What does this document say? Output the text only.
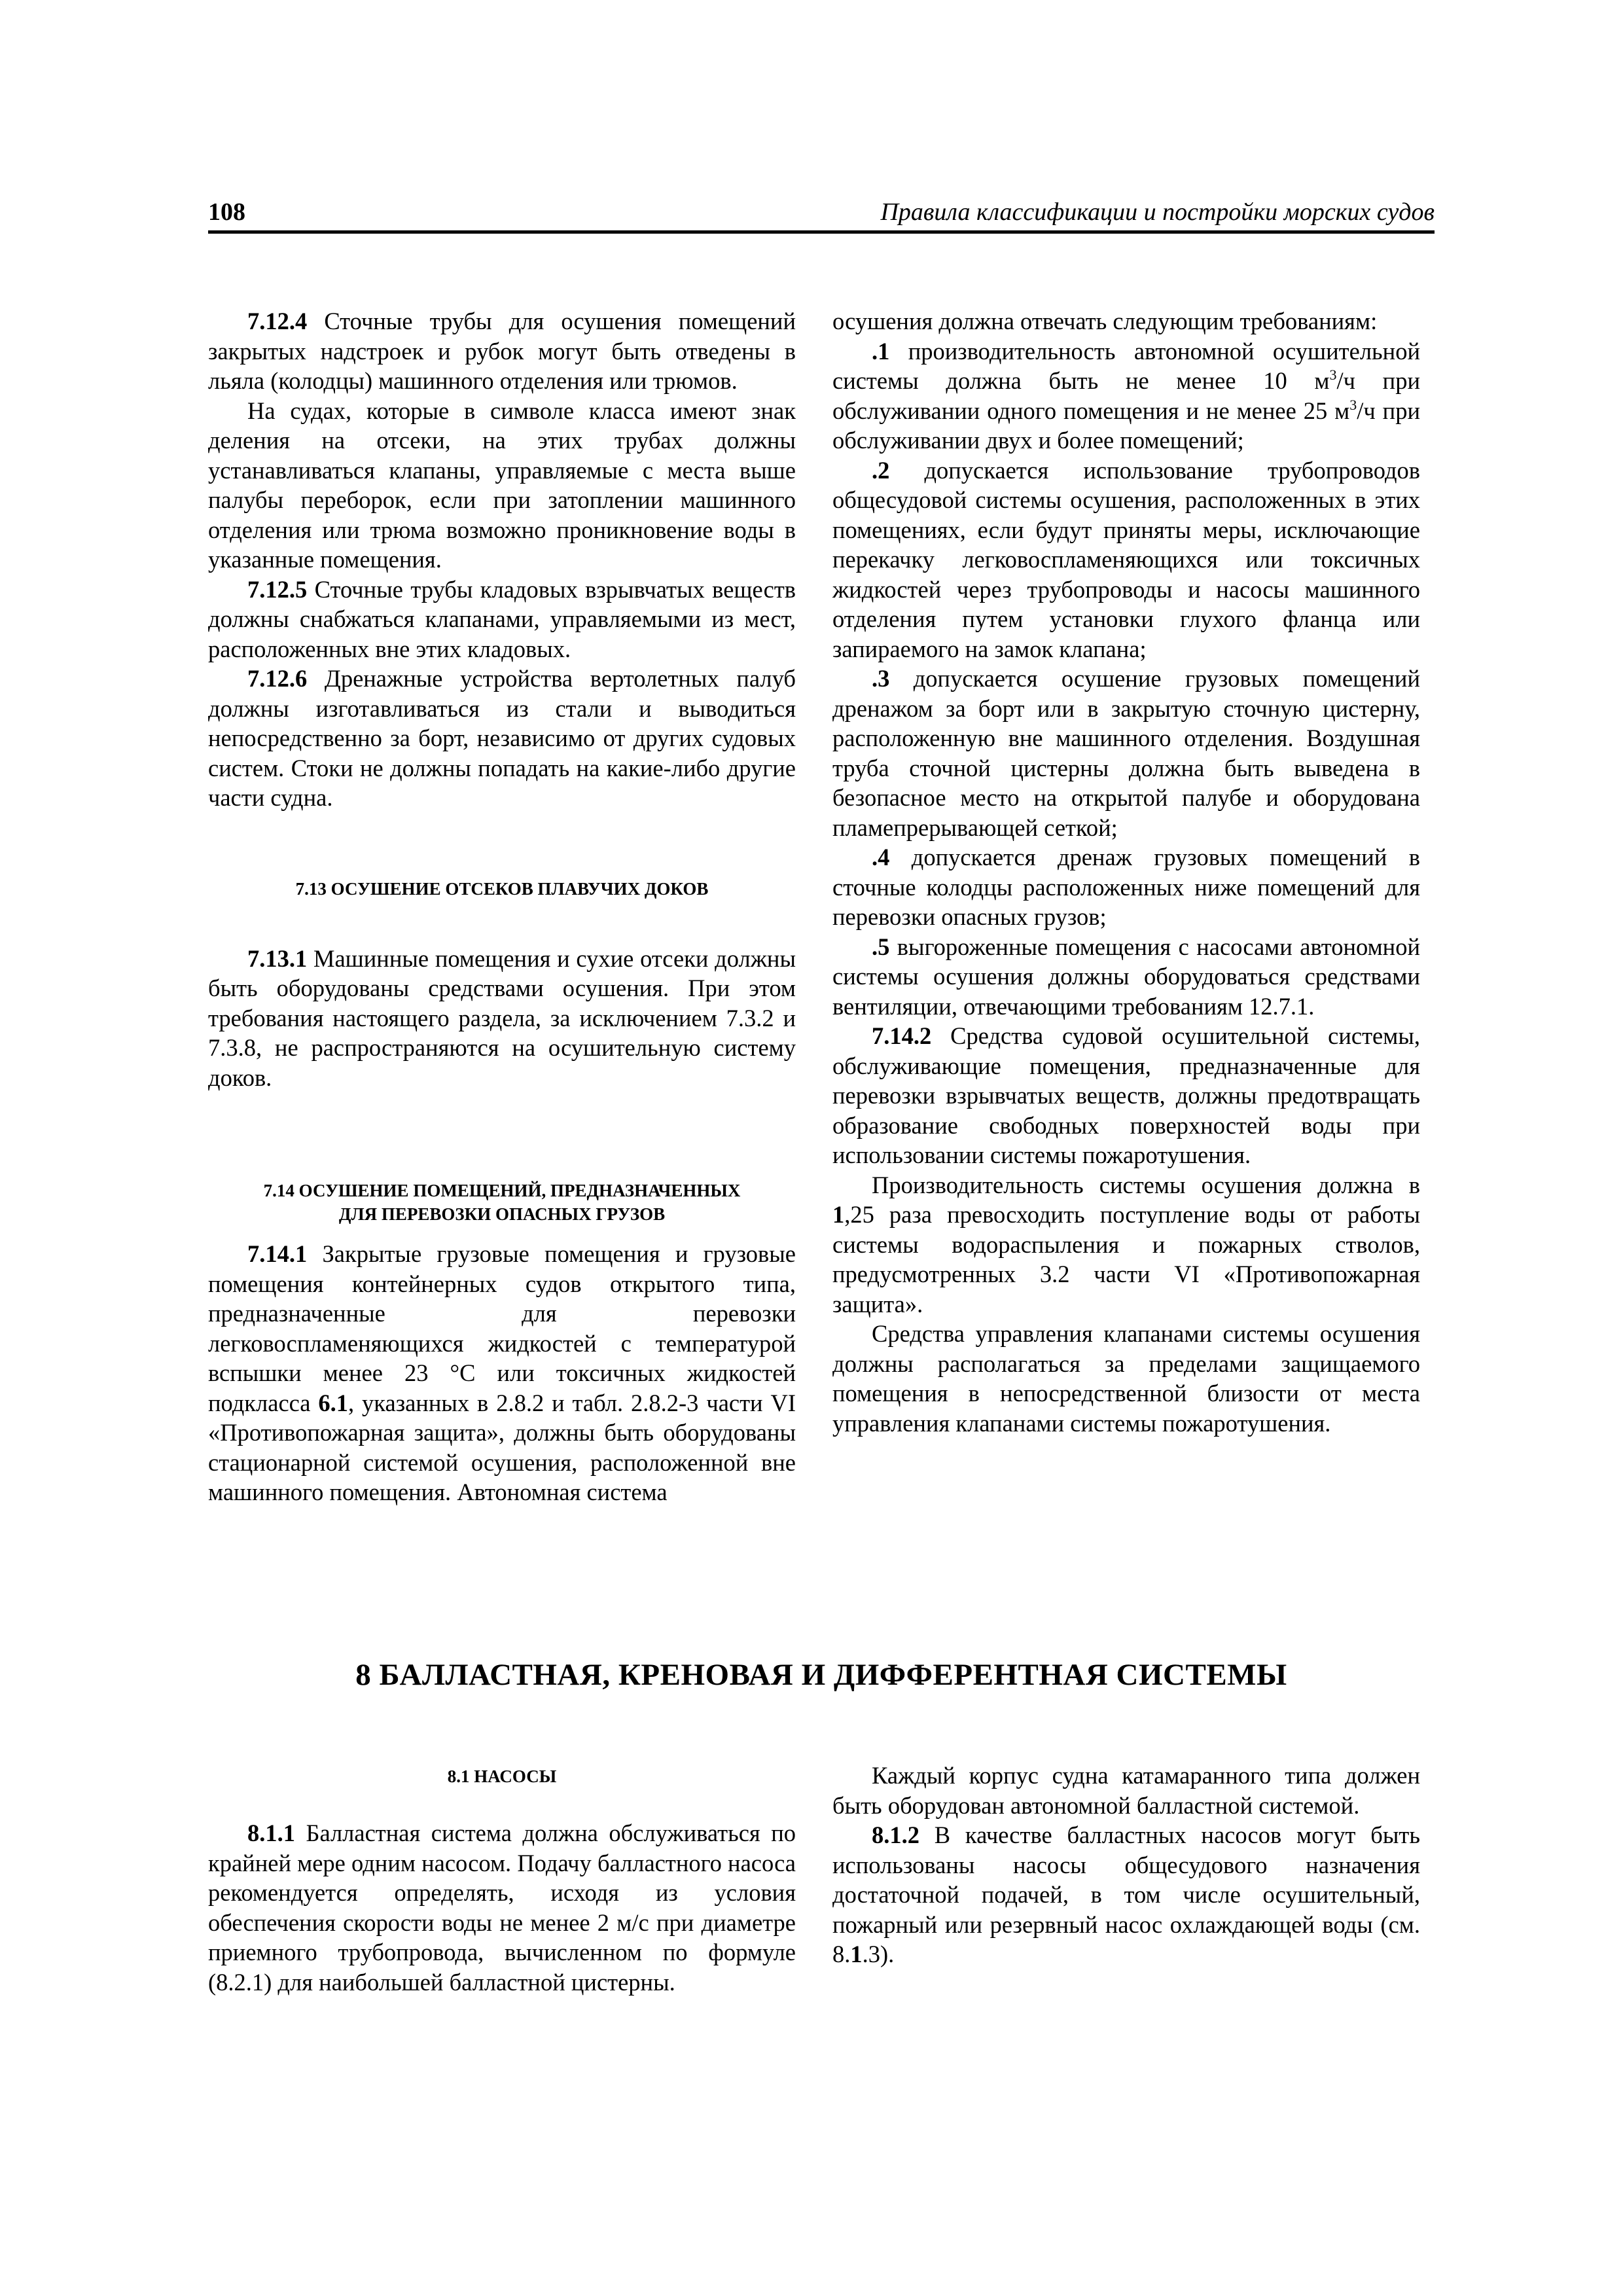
108	Правила классификации и постройки морских судов

7.12.4 Сточные трубы для осушения помещений закрытых надстроек и рубок могут быть отведены в льяла (колодцы) машинного отделения или трюмов.

На судах, которые в символе класса имеют знак деления на отсеки, на этих трубах должны устанавливаться клапаны, управляемые с места выше палубы переборок, если при затоплении машинного отделения или трюма возможно проникновение воды в указанные помещения.

7.12.5 Сточные трубы кладовых взрывчатых веществ должны снабжаться клапанами, управляемыми из мест, расположенных вне этих кладовых.

7.12.6 Дренажные устройства вертолетных палуб должны изготавливаться из стали и выводиться непосредственно за борт, независимо от других судовых систем. Стоки не должны попадать на какие-либо другие части судна.

7.13 ОСУШЕНИЕ ОТСЕКОВ ПЛАВУЧИХ ДОКОВ

7.13.1 Машинные помещения и сухие отсеки должны быть оборудованы средствами осушения. При этом требования настоящего раздела, за исключением 7.3.2 и 7.3.8, не распространяются на осушительную систему доков.

7.14 ОСУШЕНИЕ ПОМЕЩЕНИЙ, ПРЕДНАЗНАЧЕННЫХ

ДЛЯ ПЕРЕВОЗКИ ОПАСНЫХ ГРУЗОВ

7.14.1 Закрытые грузовые помещения и грузовые помещения контейнерных судов открытого типа, предназначенные для перевозки легковоспламеняющихся жидкостей с температурой вспышки менее 23 °С или токсичных жидкостей подкласса 6.1, указанных в 2.8.2 и табл. 2.8.2-3 части VI «Противопожарная защита», должны быть оборудованы стационарной системой осушения, расположенной вне машинного помещения. Автономная система

осушения должна отвечать следующим требованиям:

.1 производительность автономной осушительной системы должна быть не менее 10 $м^3/ч$ при обслуживании одного помещения и не менее 25 $м^3/ч$ при обслуживании двух и более помещений;

.2 допускается использование трубопроводов общесудовой системы осушения, расположенных в этих помещениях, если будут приняты меры, исключающие перекачку легковоспламеняющихся или токсичных жидкостей через трубопроводы и насосы машинного отделения путем установки глухого фланца или запираемого на замок клапана;

.3 допускается осушение грузовых помещений дренажом за борт или в закрытую сточную цистерну, расположенную вне машинного отделения. Воздушная труба сточной цистерны должна быть выведена в безопасное место на открытой палубе и оборудована пламепрерывающей сеткой;

.4 допускается дренаж грузовых помещений в сточные колодцы расположенных ниже помещений для перевозки опасных грузов;

.5 выгороженные помещения с насосами автономной системы осушения должны оборудоваться средствами вентиляции, отвечающими требованиям 12.7.1.

7.14.2 Средства судовой осушительной системы, обслуживающие помещения, предназначенные для перевозки взрывчатых веществ, должны предотвращать образование свободных поверхностей воды при использовании системы пожаротушения.

Производительность системы осушения должна в 1,25 раза превосходить поступление воды от работы системы водораспыления и пожарных стволов, предусмотренных 3.2 части VI «Противопожарная защита».

Средства управления клапанами системы осушения должны располагаться за пределами защищаемого помещения в непосредственной близости от места управления клапанами системы пожаротушения.

8 БАЛЛАСТНАЯ, КРЕНОВАЯ И ДИФФЕРЕНТНАЯ СИСТЕМЫ

8.1 НАСОСЫ

8.1.1 Балластная система должна обслуживаться по крайней мере одним насосом. Подачу балластного насоса рекомендуется определять, исходя из условия обеспечения скорости воды не менее 2 м/с при диаметре приемного трубопровода, вычисленном по формуле (8.2.1) для наибольшей балластной цистерны.

Каждый корпус судна катамаранного типа должен быть оборудован автономной балластной системой.

8.1.2 В качестве балластных насосов могут быть использованы насосы общесудового назначения достаточной подачей, в том числе осушительный, пожарный или резервный насос охлаждающей воды (см. 8.1.3).
